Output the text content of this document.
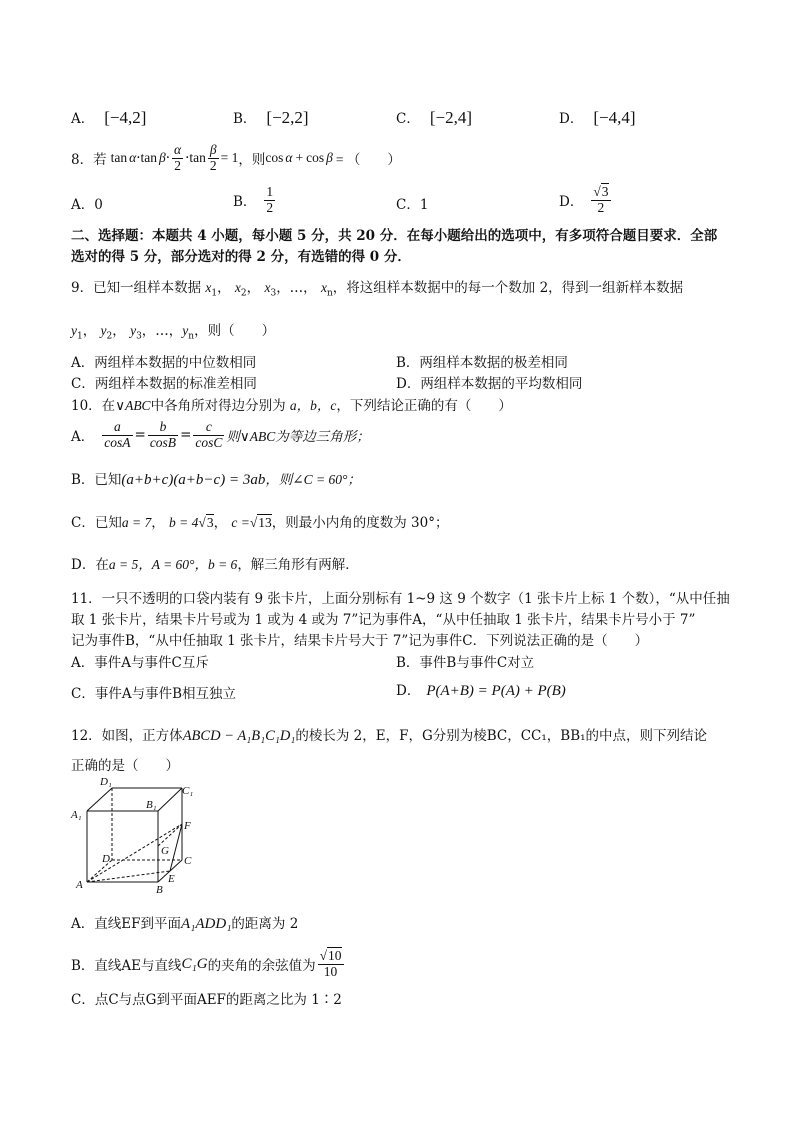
A． [−4,2]	B． [−2,2]	C． [−2,4]	D． [−4,4]
8．若 $\tan \alpha \cdot \tan \beta \cdot \frac{\alpha}{2} \cdot \tan \frac{\beta}{2} = 1$ ，则 cos α + cos β = （　　）
A．0	B． $\frac{1}{2}$	C．1	D． $\frac{√3}{2}$
二、选择题：本题共 4 小题，每小题 5 分，共 20 分．在每小题给出的选项中，有多项符合题目要求．全部
选对的得 5 分，部分选对的得 2 分，有选错的得 0 分．
9．已知一组样本数据 $x_1$， $x_2$， $x_3$，…， $x_n$，将这组样本数据中的每一个数加 2，得到一组新样本数据
$y_1$， $y_2$， $y_3$，…，$y_n$，则（　　）
A．两组样本数据的中位数相同	B．两组样本数据的极差相同
C．两组样本数据的标准差相同	D．两组样本数据的平均数相同
10．在∨ABC中各角所对得边分别为 a，b，c，下列结论正确的有（　　）
A． $\frac{a}{\cos A} = \frac{b}{\cos B} = \frac{c}{\cos C}$ 则∨ABC为等边三角形；
B．已知(a+b+c)(a+b−c) = 3ab，则∠C = 60°；
C．已知a = 7， b = 4√3， c =√13，则最小内角的度数为 30°；
D．在a = 5，A = 60°，b = 6，解三角形有两解．
11．一只不透明的口袋内装有 9 张卡片，上面分别标有 1~9 这 9 个数字（1 张卡片上标 1 个数），“从中任抽
取 1 张卡片，结果卡片号或为 1 或为 4 或为 7”记为事件A，“从中任抽取 1 张卡片，结果卡片号小于 7”
记为事件B，“从中任抽取 1 张卡片，结果卡片号大于 7”记为事件C．下列说法正确的是（　　）
A．事件A与事件C互斥	B．事件B与事件C对立
C．事件A与事件B相互独立	D． P(A+B) = P(A) + P(B)
12．如图，正方体ABCD − A₁B₁C₁D₁的棱长为 2，E，F，G分别为棱BC，CC₁，BB₁的中点，则下列结论
正确的是（　　）
D₁
C₁
B₁
A₁
F
G
D	C
E
A	B
A．直线EF到平面A₁ADD₁的距离为 2
B．直线AE与直线 C₁G 的夹角的余弦值为 $\frac{√10}{10}$
C．点C与点G到平面AEF的距离之比为 1∶2
